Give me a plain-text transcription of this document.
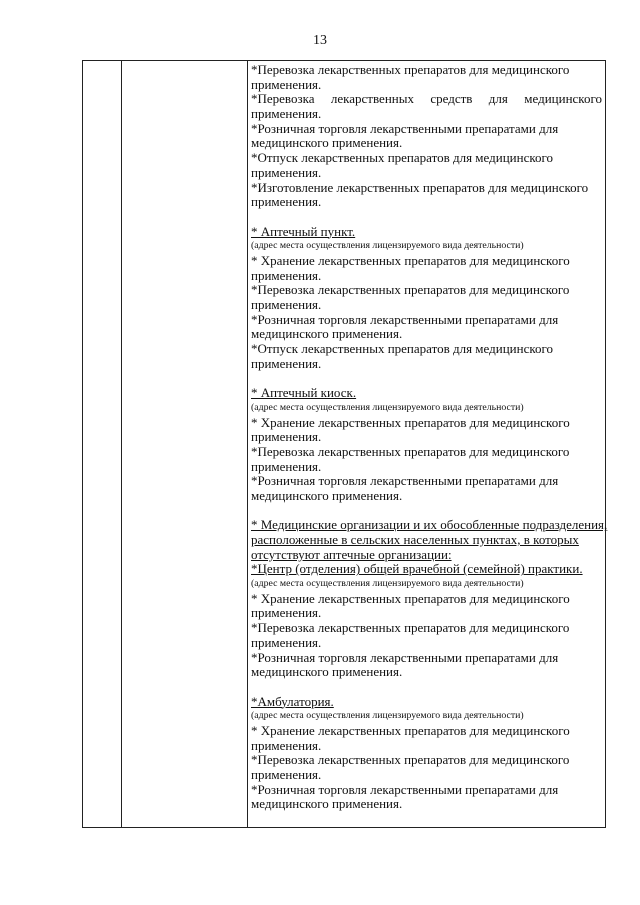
13
*Перевозка лекарственных препаратов для медицинского
применения.
*Перевозка лекарственных средств для медицинского
применения.
*Розничная торговля лекарственными препаратами для
медицинского применения.
*Отпуск лекарственных препаратов для медицинского
применения.
*Изготовление лекарственных препаратов для медицинского
применения.
* Аптечный пункт.
(адрес места осуществления лицензируемого вида деятельности)
* Хранение лекарственных препаратов для медицинского
применения.
*Перевозка лекарственных препаратов для медицинского
применения.
*Розничная торговля лекарственными препаратами для
медицинского применения.
*Отпуск лекарственных препаратов для медицинского
применения.
* Аптечный киоск.
(адрес места осуществления лицензируемого вида деятельности)
* Хранение лекарственных препаратов для медицинского
применения.
*Перевозка лекарственных препаратов для медицинского
применения.
*Розничная торговля лекарственными препаратами для
медицинского применения.
* Медицинские организации и их обособленные подразделения,
расположенные в сельских населенных пунктах, в которых
отсутствуют аптечные организации:
*Центр (отделения) общей врачебной (семейной) практики.
(адрес места осуществления лицензируемого вида деятельности)
* Хранение лекарственных препаратов для медицинского
применения.
*Перевозка лекарственных препаратов для медицинского
применения.
*Розничная торговля лекарственными препаратами для
медицинского применения.
*Амбулатория.
(адрес места осуществления лицензируемого вида деятельности)
* Хранение лекарственных препаратов для медицинского
применения.
*Перевозка лекарственных препаратов для медицинского
применения.
*Розничная торговля лекарственными препаратами для
медицинского применения.
